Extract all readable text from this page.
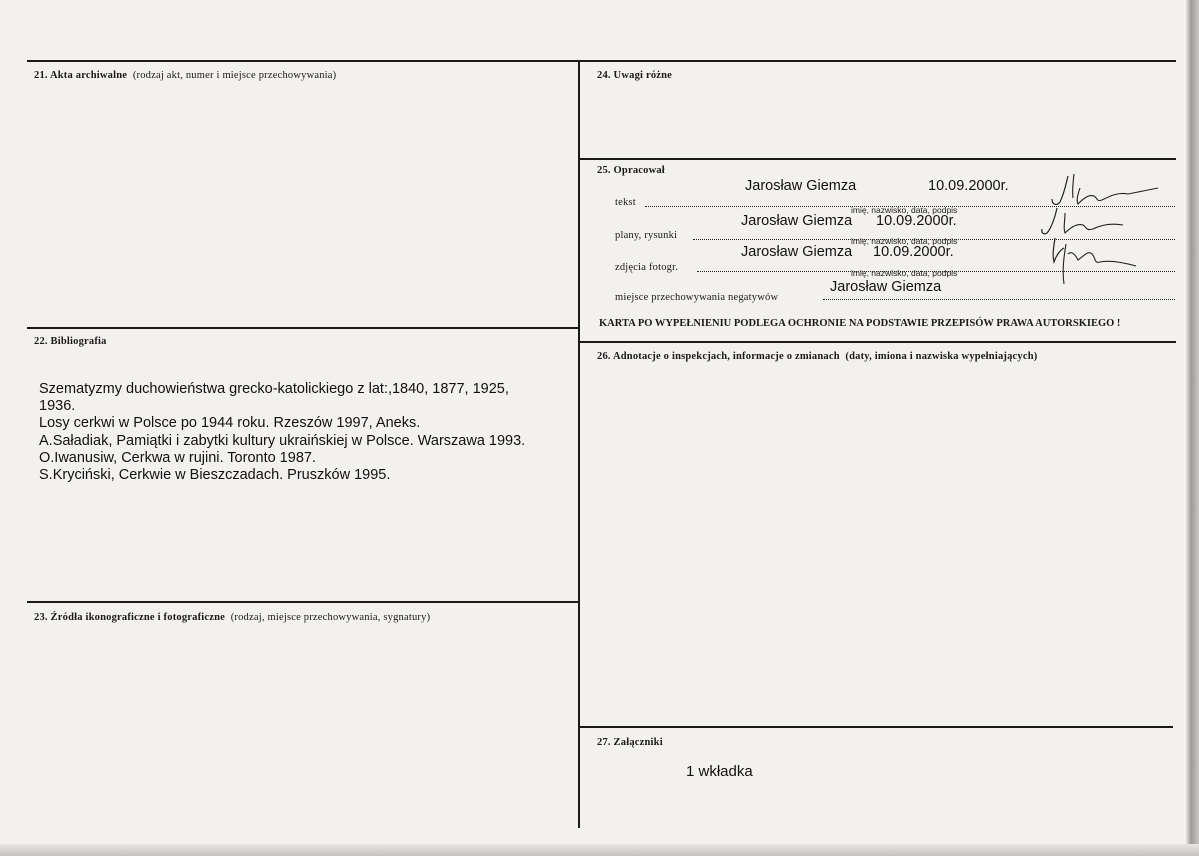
21. Akta archiwalne (rodzaj akt, numer i miejsce przechowywania)	24. Uwagi różne
25. Opracował
22. Bibliografia
26. Adnotacje o inspekcjach, informacje o zmianach (daty, imiona i nazwiska wypełniających)
23. Źródła ikonograficzne i fotograficzne (rodzaj, miejsce przechowywania, sygnatury)
27. Załączniki
Szematyzmy duchowieństwa grecko-katolickiego z lat:,1840, 1877, 1925, 1936.
Losy cerkwi w Polsce po 1944 roku. Rzeszów 1997, Aneks.
A.Saładiak, Pamiątki i zabytki kultury ukraińskiej w Polsce. Warszawa 1993.
O.Iwanusiw, Cerkwa w rujini. Toronto 1987.
S.Kryciński, Cerkwie w Bieszczadach. Pruszków 1995.
tekst
Jarosław Giemza	10.09.2000r.
imię, nazwisko, data, podpis
plany, rysunki
Jarosław Giemza 10.09.2000r.
imię, nazwisko, data, podpis
zdjęcia fotogr.
Jarosław Giemza 10.09.2000r.
imię, nazwisko, data, podpis
miejsce przechowywania negatywów
Jarosław Giemza
KARTA PO WYPEŁNIENIU PODLEGA OCHRONIE NA PODSTAWIE PRZEPISÓW PRAWA AUTORSKIEGO !
1 wkładka
